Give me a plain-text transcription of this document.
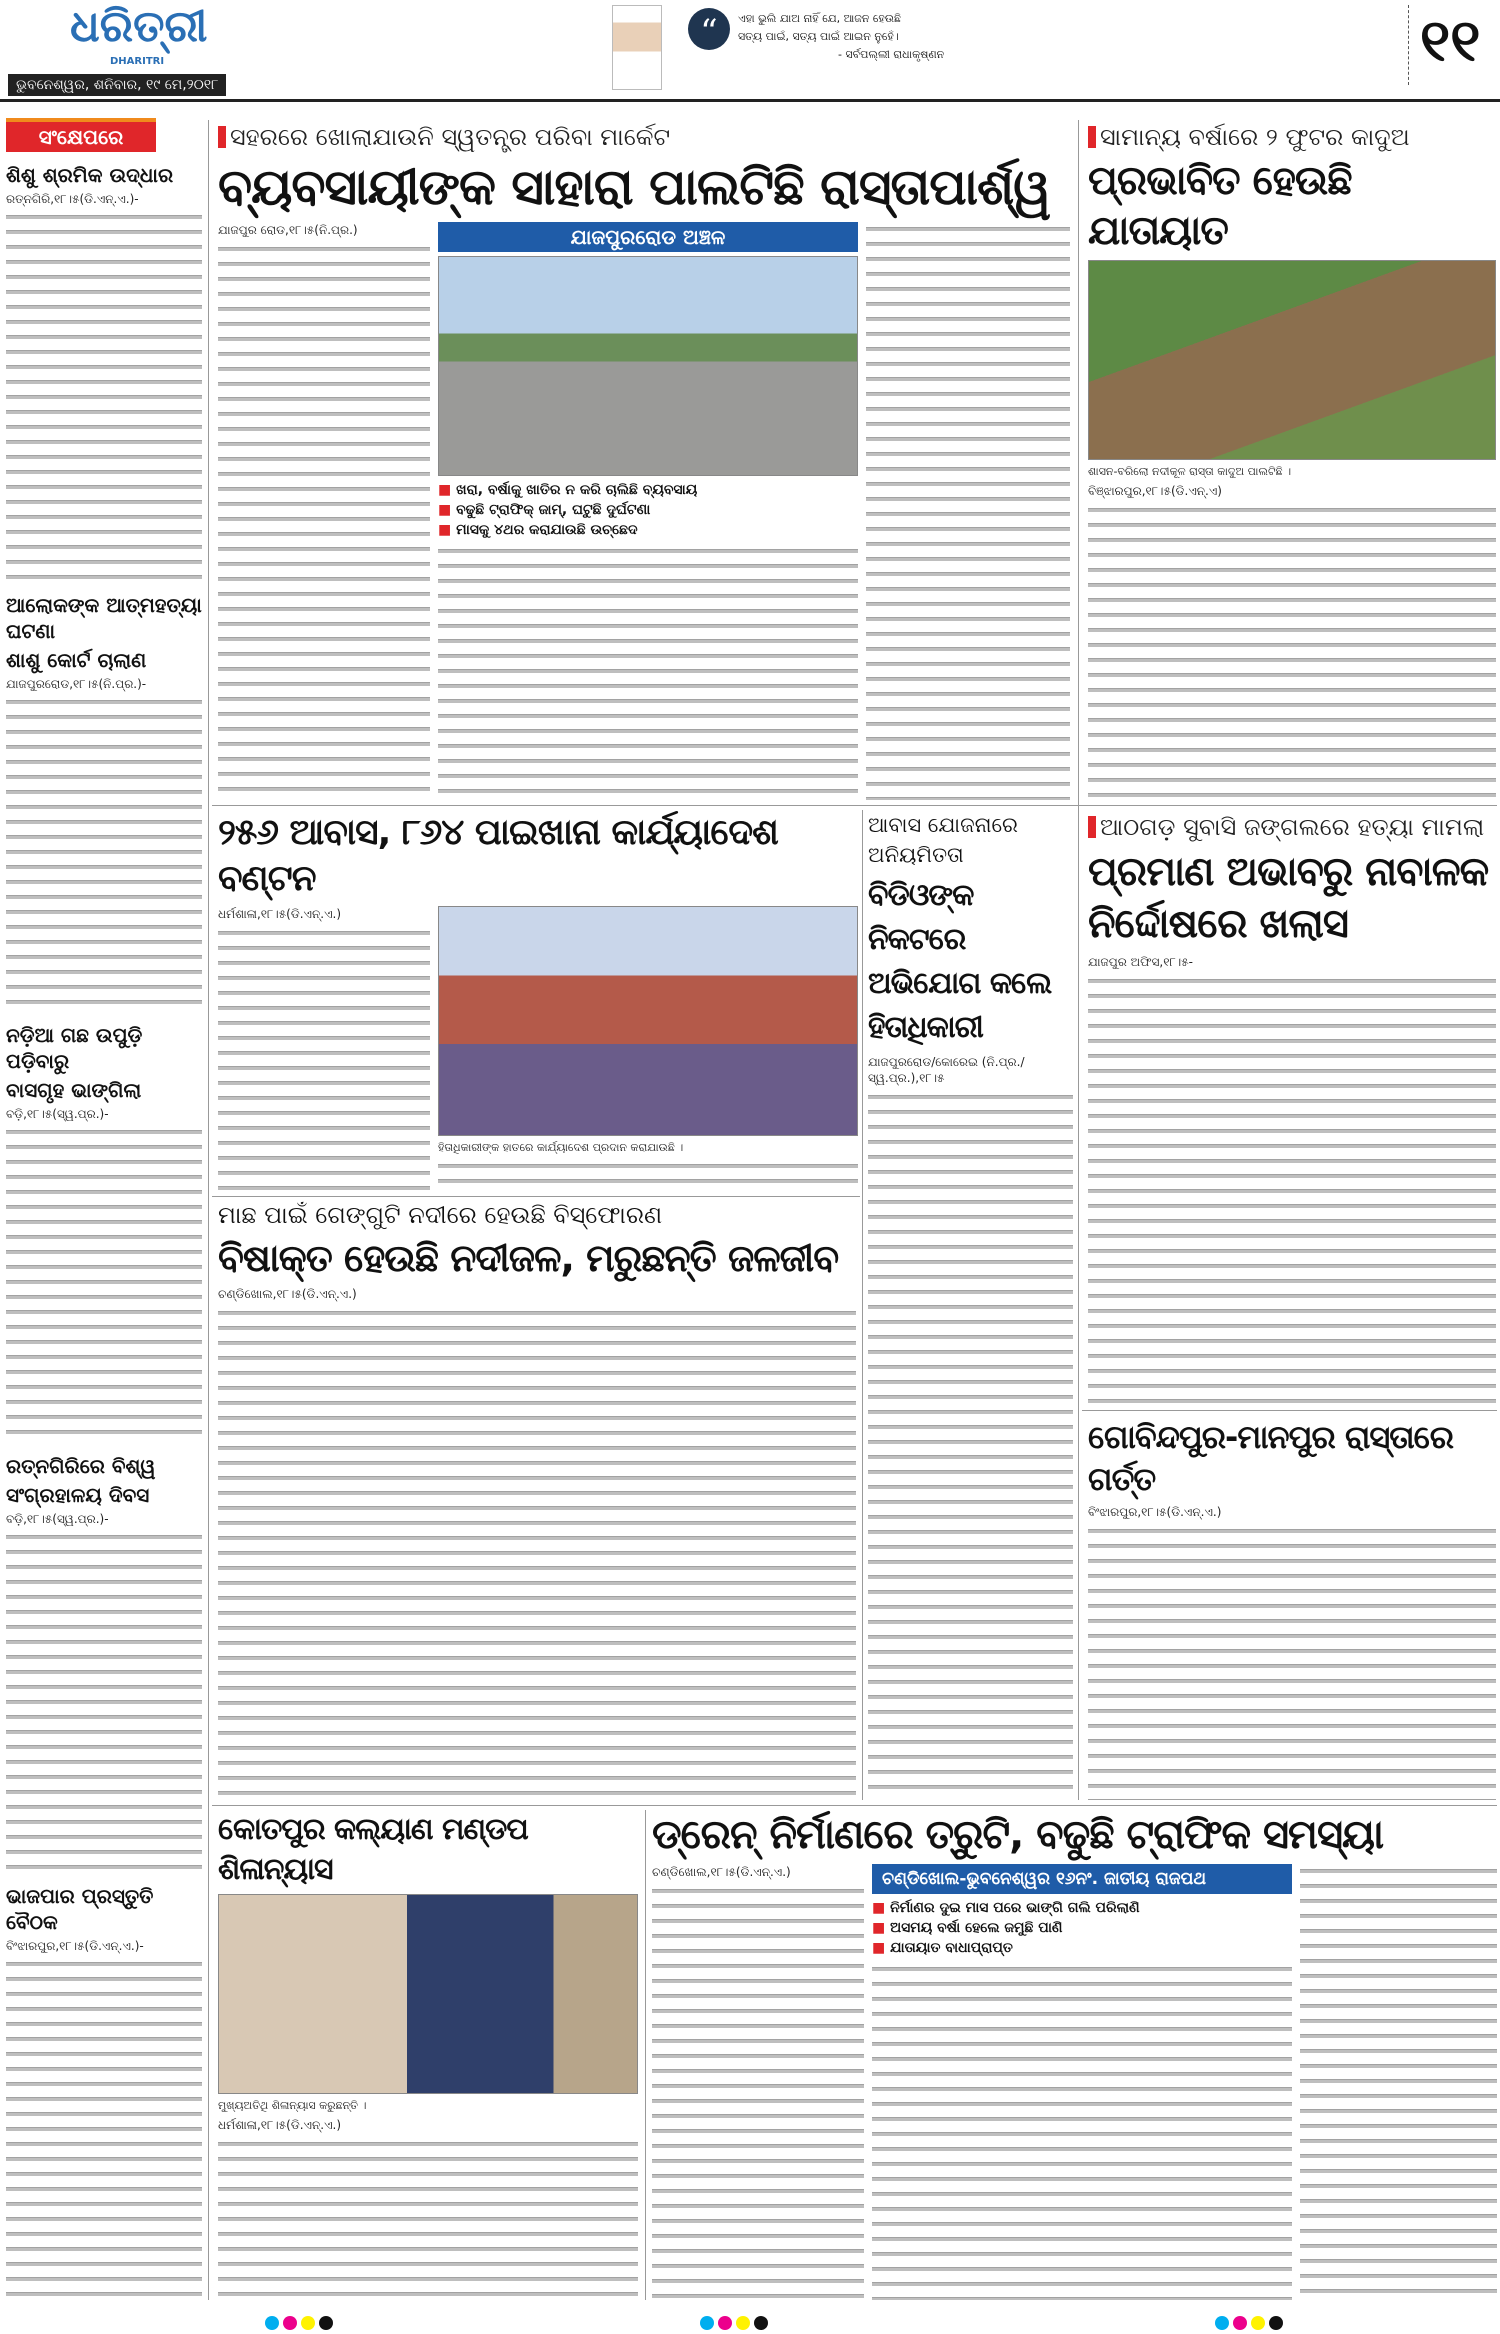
ଧରିତ୍ରୀ
DHARITRI
ଭୁବନେଶ୍ୱର, ଶନିବାର, ୧୯ ମେ,୨୦୧୮
“	ଏହା ଭୁଲି ଯାଅ ନାହିଁ ଯେ, ଆଜନ ହେଉଛି
ସତ୍ୟ ପାଇଁ, ସତ୍ୟ ପାଇଁ ଆଇନ ନୁହେଁ।
- ସର୍ବପଲ୍ଲୀ ରାଧାକୃଷ୍ଣନ	୧୧
ସଂକ୍ଷେପରେ
ଶିଶୁ ଶ୍ରମିକ ଉଦ୍ଧାର
ରତ୍ନଗିରି,୧୮।୫(ଡି.ଏନ୍.ଏ.)-
ଆଲୋକଙ୍କ ଆତ୍ମହତ୍ୟା ଘଟଣା
ଶାଶୁ କୋର୍ଟ ଚାଲାଣ
ଯାଜପୁରରୋଡ,୧୮।୫(ନି.ପ୍ର.)-
ନଡ଼ିଆ ଗଛ ଉପୁଡ଼ି ପଡ଼ିବାରୁ
ବାସଗୃହ ଭାଙ୍ଗିଲା
ବଡ଼ି,୧୮।୫(ସ୍ୱ.ପ୍ର.)-
ରତ୍ନଗିରିରେ ବିଶ୍ୱ
ସଂଗ୍ରହାଳୟ ଦିବସ
ବଡ଼ି,୧୮।୫(ସ୍ୱ.ପ୍ର.)-
ଭାଜପାର ପ୍ରସ୍ତୁତି ବୈଠକ
ବିଂଝାରପୁର,୧୮।୫(ଡି.ଏନ୍.ଏ.)-
ସହରରେ ଖୋଲାଯାଉନି ସ୍ୱତନ୍ତ୍ର ପରିବା ମାର୍କେଟ
ବ୍ୟବସାୟୀଙ୍କ ସାହାରା ପାଲଟିଛି ରାସ୍ତାପାର୍ଶ୍ୱ
ଯାଜପୁର ରୋଡ,୧୮।୫(ନି.ପ୍ର.)	ଯାଜପୁରରୋଡ ଅଞ୍ଚଳ
■ ଖରା, ବର୍ଷାକୁ ଖାତିର ନ କରି ଚାଲିଛି ବ୍ୟବସାୟ
■ ବଢୁଛି ଟ୍ରାଫିକ୍ ଜାମ୍, ଘଟୁଛି ଦୁର୍ଘଟଣା
■ ମାସକୁ ୪ଥର କରାଯାଉଛି ଉଚ୍ଛେଦ
ସାମାନ୍ୟ ବର୍ଷାରେ ୨ ଫୁଟର କାଦୁଅ
ପ୍ରଭାବିତ ହେଉଛି ଯାତାୟାତ
ଶାସନ-ବରିଲୋ ନଦୀକୂଳ ରାସ୍ତା କାଦୁଅ ପାଲଟିଛି ।
ବିଞ୍ଝାରପୁର,୧୮।୫(ଡି.ଏନ୍.ଏ)
୨୫୬ ଆବାସ, ୮୬୪ ପାଇଖାନା କାର୍ଯ୍ୟାଦେଶ ବଣ୍ଟନ
ଧର୍ମଶାଳା,୧୮।୫(ଡି.ଏନ୍.ଏ.)
ହିତାଧିକାରୀଙ୍କ ହାତରେ କାର୍ଯ୍ୟାଦେଶ ପ୍ରଦାନ କରାଯାଉଛି ।
ଆବାସ ଯୋଜନାରେ ଅନିୟମିତତା
ବିଡିଓଙ୍କ ନିକଟରେ ଅଭିଯୋଗ କଲେ ହିତାଧିକାରୀ
ଯାଜପୁରରୋଡ/କୋରେଇ (ନି.ପ୍ର./ସ୍ୱ.ପ୍ର.),୧୮।୫
ଆଠଗଡ଼ ସୁବାସି ଜଙ୍ଗଲରେ ହତ୍ୟା ମାମଲା
ପ୍ରମାଣ ଅଭାବରୁ ନାବାଳକ ନିର୍ଦ୍ଦୋଷରେ ଖଲାସ
ଯାଜପୁର ଅଫିସ,୧୮।୫-
ମାଛ ପାଇଁ ଗେଙ୍ଗୁଟି ନଦୀରେ ହେଉଛି ବିସ୍ଫୋରଣ
ବିଷାକ୍ତ ହେଉଛି ନଦୀଜଳ, ମରୁଛନ୍ତି ଜଳଜୀବ
ଚଣ୍ଡିଖୋଲ,୧୮।୫(ଡି.ଏନ୍.ଏ.)
ଗୋବିନ୍ଦପୁର-ମାନପୁର ରାସ୍ତାରେ ଗର୍ତ୍ତ
ବିଂଝାରପୁର,୧୮।୫(ଡି.ଏନ୍.ଏ.)
କୋତପୁର କଲ୍ୟାଣ ମଣ୍ଡପ ଶିଳାନ୍ୟାସ
ମୁଖ୍ୟଅତିଥି ଶିଳାନ୍ୟାସ କରୁଛନ୍ତି ।
ଧର୍ମଶାଳା,୧୮।୫(ଡି.ଏନ୍.ଏ.)
ଡ୍ରେନ୍ ନିର୍ମାଣରେ ତ୍ରୁଟି, ବଢୁଛି ଟ୍ରାଫିକ ସମସ୍ୟା
ଚଣ୍ଡିଖୋଲ,୧୮।୫(ଡି.ଏନ୍.ଏ.)	ଚଣ୍ଡିଖୋଲ-ଭୁବନେଶ୍ୱର ୧୬ନଂ. ଜାତୀୟ ରାଜପଥ
■ ନିର୍ମାଣର ଦୁଇ ମାସ ପରେ ଭାଙ୍ଗି ଗଲି ପରିଲାଣି
■ ଅସମୟ ବର୍ଷା ହେଲେ ଜମୁଛି ପାଣି
■ ଯାତାୟାତ ବାଧାପ୍ରାପ୍ତ
